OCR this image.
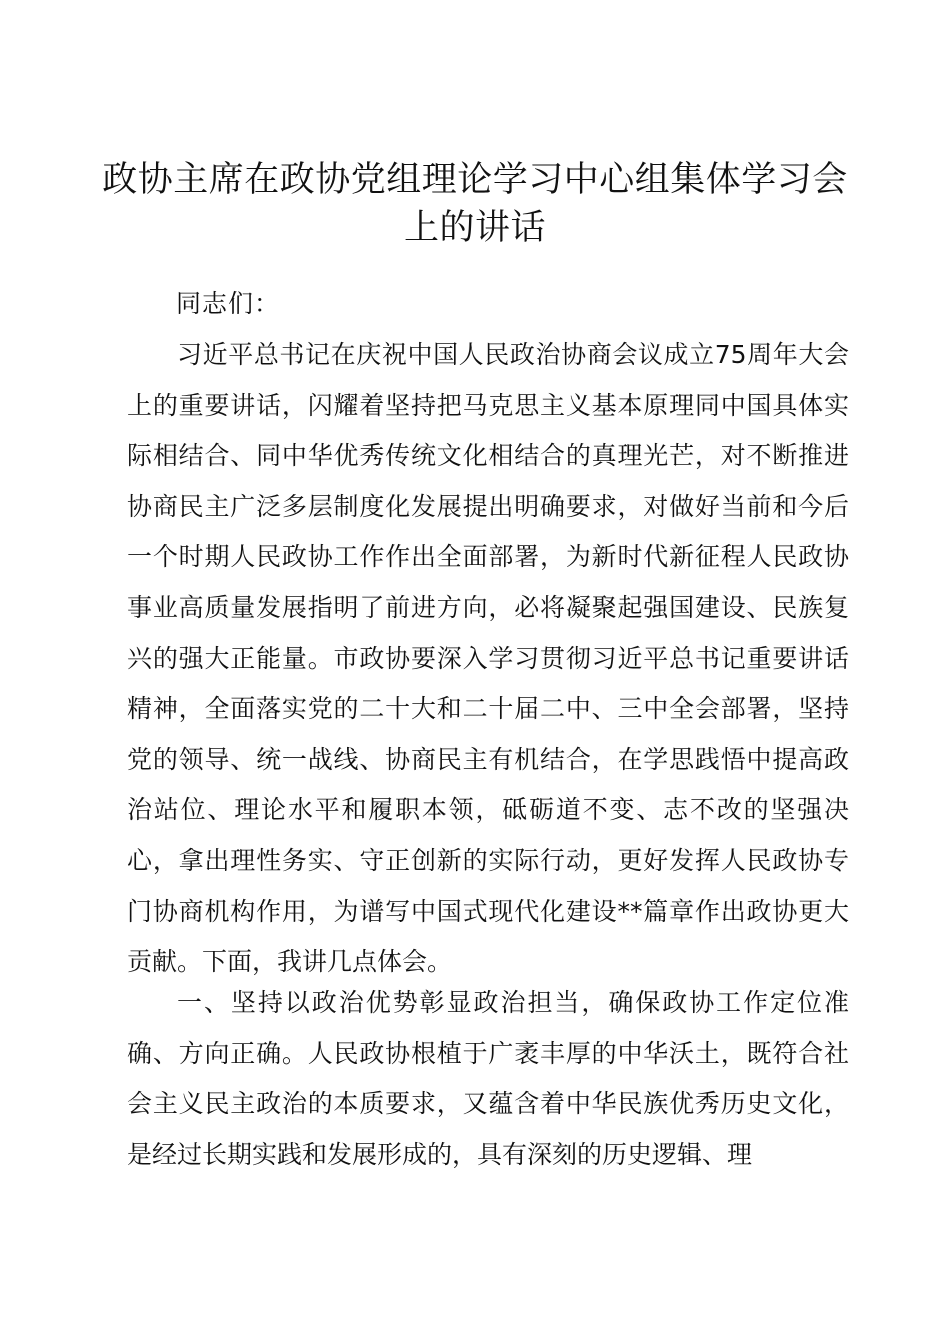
政协主席在政协党组理论学习中心组集体学习会上的讲话
同志们：

习近平总书记在庆祝中国人民政治协商会议成立75周年大会上的重要讲话，闪耀着坚持把马克思主义基本原理同中国具体实际相结合、同中华优秀传统文化相结合的真理光芒，对不断推进协商民主广泛多层制度化发展提出明确要求，对做好当前和今后一个时期人民政协工作作出全面部署，为新时代新征程人民政协事业高质量发展指明了前进方向，必将凝聚起强国建设、民族复兴的强大正能量。市政协要深入学习贯彻习近平总书记重要讲话精神，全面落实党的二十大和二十届二中、三中全会部署，坚持党的领导、统一战线、协商民主有机结合，在学思践悟中提高政治站位、理论水平和履职本领，砥砺道不变、志不改的坚强决心，拿出理性务实、守正创新的实际行动，更好发挥人民政协专门协商机构作用，为谱写中国式现代化建设**篇章作出政协更大贡献。下面，我讲几点体会。

一、坚持以政治优势彰显政治担当，确保政协工作定位准确、方向正确。人民政协根植于广袤丰厚的中华沃土，既符合社会主义民主政治的本质要求，又蕴含着中华民族优秀历史文化，是经过长期实践和发展形成的，具有深刻的历史逻辑、理
